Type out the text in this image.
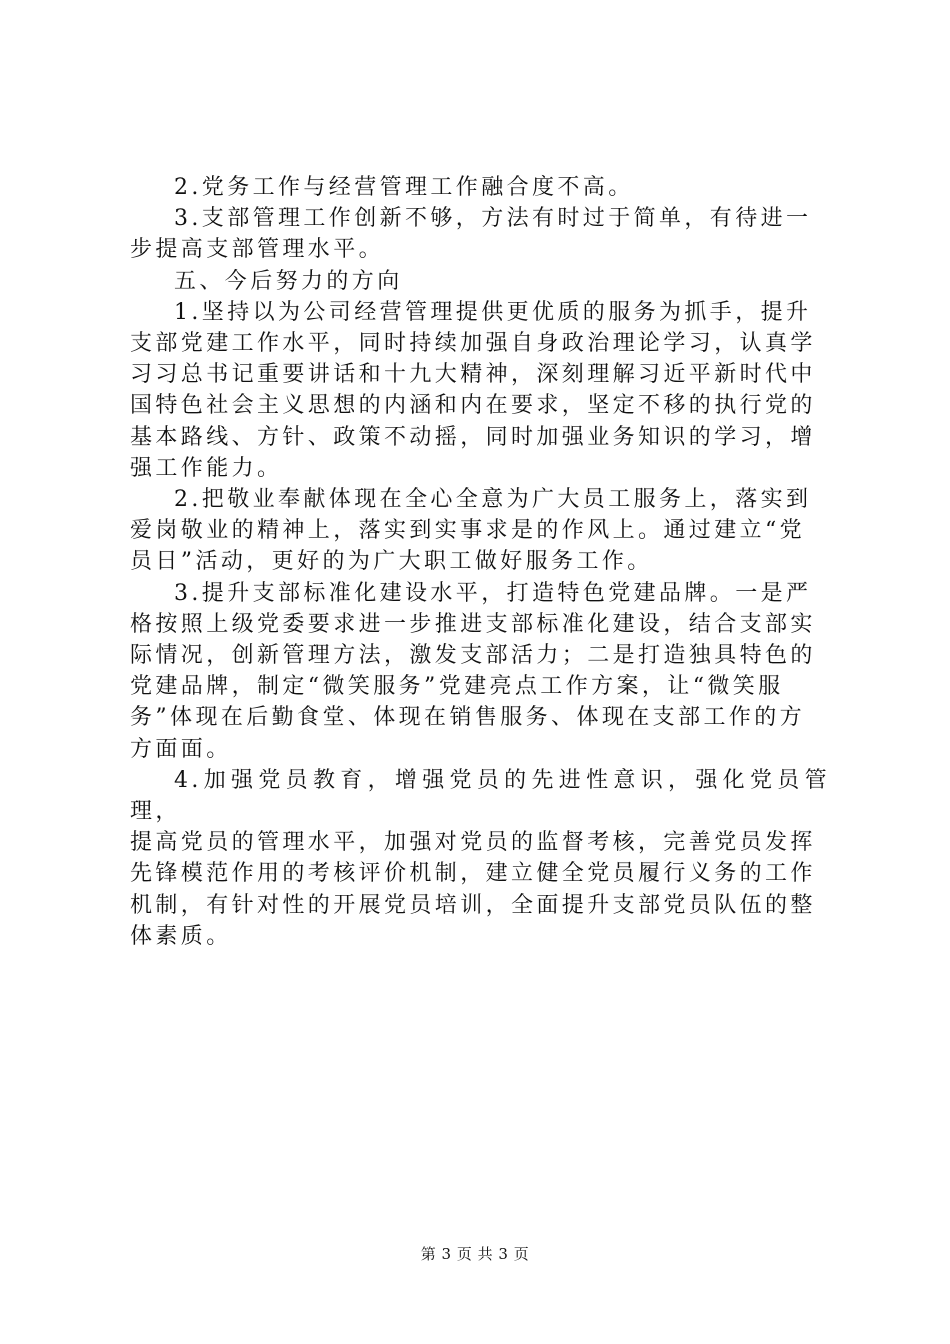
2.党务工作与经营管理工作融合度不高。

3.支部管理工作创新不够，方法有时过于简单，有待进一
步提高支部管理水平。

五、今后努力的方向

1.坚持以为公司经营管理提供更优质的服务为抓手，提升
支部党建工作水平，同时持续加强自身政治理论学习，认真学
习习总书记重要讲话和十九大精神，深刻理解习近平新时代中
国特色社会主义思想的内涵和内在要求，坚定不移的执行党的
基本路线、方针、政策不动摇，同时加强业务知识的学习，增
强工作能力。

2.把敬业奉献体现在全心全意为广大员工服务上，落实到
爱岗敬业的精神上，落实到实事求是的作风上。通过建立“党
员日”活动，更好的为广大职工做好服务工作。

3.提升支部标准化建设水平，打造特色党建品牌。一是严
格按照上级党委要求进一步推进支部标准化建设，结合支部实
际情况，创新管理方法，激发支部活力；二是打造独具特色的
党建品牌，制定“微笑服务”党建亮点工作方案，让“微笑服
务”体现在后勤食堂、体现在销售服务、体现在支部工作的方
方面面。

4.加强党员教育，增强党员的先进性意识，强化党员管理，
提高党员的管理水平，加强对党员的监督考核，完善党员发挥
先锋模范作用的考核评价机制，建立健全党员履行义务的工作
机制，有针对性的开展党员培训，全面提升支部党员队伍的整
体素质。

第 3 页 共 3 页
